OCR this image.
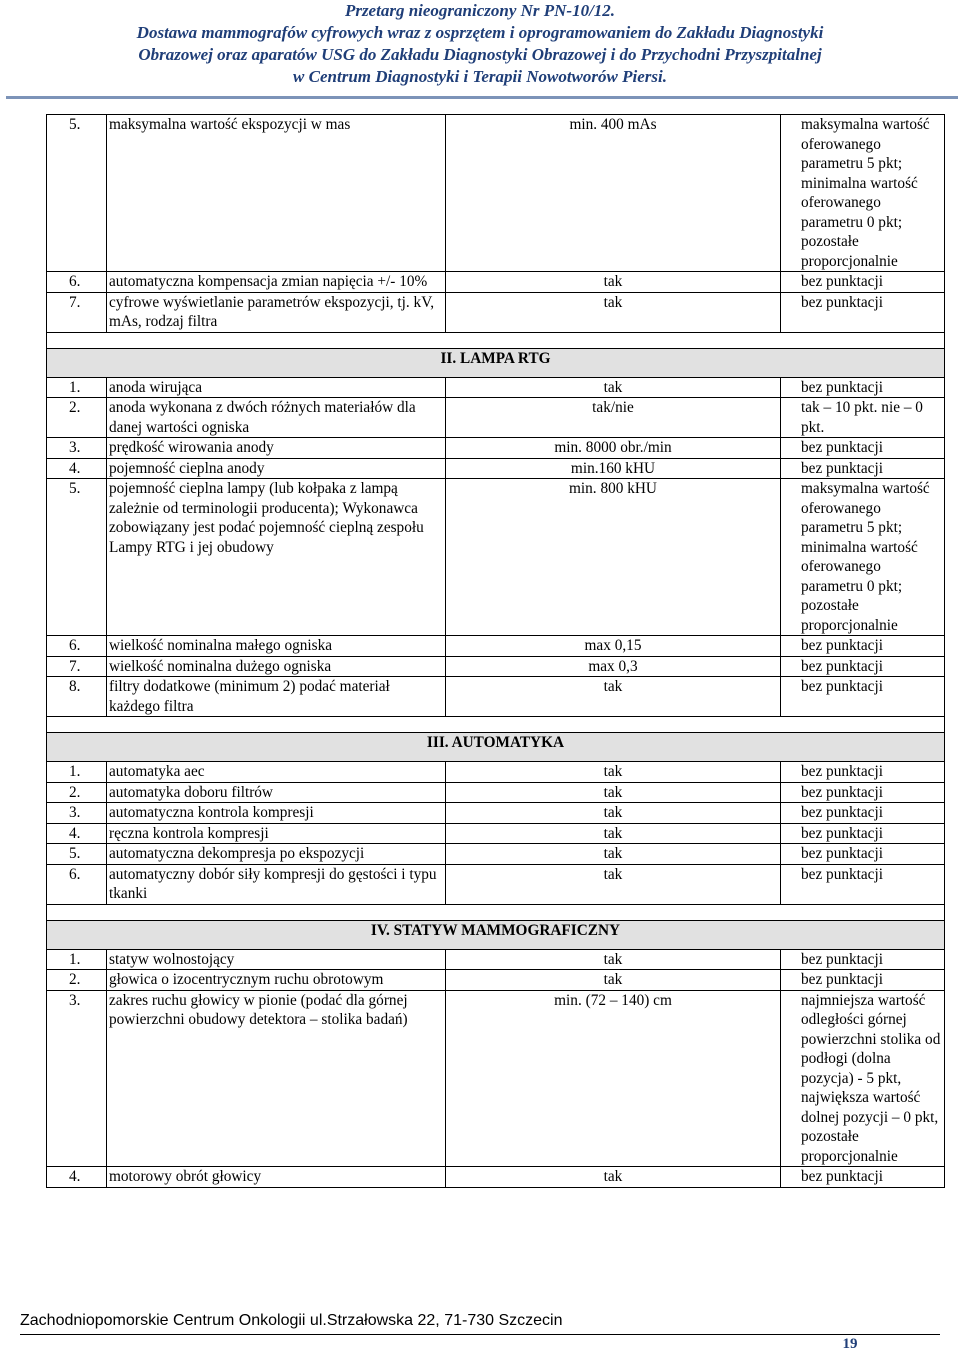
Przetarg nieograniczony Nr PN-10/12.
Dostawa mammografów cyfrowych wraz z osprzętem i oprogramowaniem do Zakładu Diagnostyki
Obrazowej oraz aparatów USG do Zakładu Diagnostyki Obrazowej i do Przychodni Przyszpitalnej
w Centrum Diagnostyki i Terapii Nowotworów Piersi.
5.	maksymalna wartość ekspozycji w mas	min. 400 mAs	maksymalna wartość oferowanego parametru 5 pkt; minimalna wartość oferowanego parametru 0 pkt; pozostałe proporcjonalnie
6.	automatyczna kompensacja zmian napięcia +/- 10%	tak	bez punktacji
7.	cyfrowe wyświetlanie parametrów ekspozycji, tj. kV, mAs, rodzaj filtra	tak	bez punktacji

II. LAMPA RTG			
1.	anoda wirująca	tak	bez punktacji
2.	anoda wykonana z dwóch różnych materiałów dla danej wartości ogniska	tak/nie	tak – 10 pkt. nie – 0 pkt.
3.	prędkość wirowania anody	min. 8000 obr./min	bez punktacji
4.	pojemność cieplna anody	min.160 kHU	bez punktacji
5.	pojemność cieplna lampy (lub kołpaka z lampą zależnie od terminologii producenta); Wykonawca zobowiązany jest podać pojemność cieplną zespołu Lampy RTG i jej obudowy	min. 800 kHU	maksymalna wartość oferowanego parametru 5 pkt; minimalna wartość oferowanego parametru 0 pkt; pozostałe proporcjonalnie
6.	wielkość nominalna małego ogniska	max 0,15	bez punktacji
7.	wielkość nominalna dużego ogniska	max 0,3	bez punktacji
8.	filtry dodatkowe (minimum 2) podać materiał każdego filtra	tak	bez punktacji

III. AUTOMATYKA			
1.	automatyka aec	tak	bez punktacji
2.	automatyka doboru filtrów	tak	bez punktacji
3.	automatyczna kontrola kompresji	tak	bez punktacji
4.	ręczna kontrola kompresji	tak	bez punktacji
5.	automatyczna dekompresja po ekspozycji	tak	bez punktacji
6.	automatyczny dobór siły kompresji do gęstości i typu tkanki	tak	bez punktacji

IV. STATYW MAMMOGRAFICZNY			
1.	statyw wolnostojący	tak	bez punktacji
2.	głowica o izocentrycznym ruchu obrotowym	tak	bez punktacji
3.	zakres ruchu głowicy w pionie (podać dla górnej powierzchni obudowy detektora – stolika badań)	min. (72 – 140) cm	najmniejsza wartość odległości górnej powierzchni stolika od podłogi (dolna pozycja) - 5 pkt, największa wartość dolnej pozycji – 0 pkt, pozostałe proporcjonalnie
4.	motorowy obrót głowicy	tak	bez punktacji
Zachodniopomorskie Centrum Onkologii ul.Strzałowska 22, 71-730 Szczecin
19
